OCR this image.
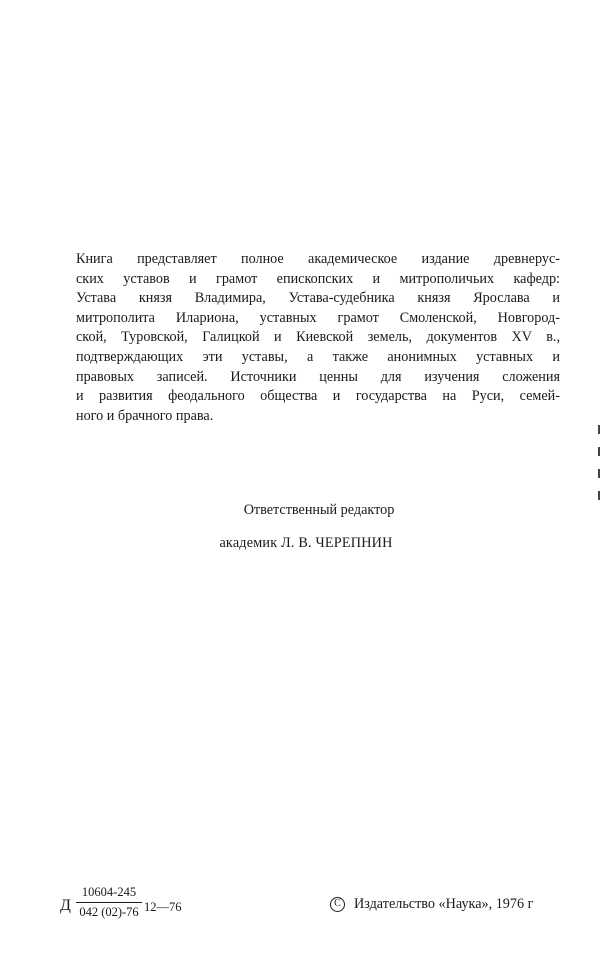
Книга представляет полное академическое издание древнерус-
ских уставов и грамот епископских и митрополичьих кафедр:
Устава князя Владимира, Устава-судебника князя Ярослава и
митрополита Илариона, уставных грамот Смоленской, Новгород-
ской, Туровской, Галицкой и Киевской земель, документов XV в.,
подтверждающих эти уставы, а также анонимных уставных и
правовых записей. Источники ценны для изучения сложения
и развития феодального общества и государства на Руси, семей-
ного и брачного права.
Ответственный редактор
академик Л. В. ЧЕРЕПНИН
Д
10604-245
042 (02)-76 12—76	C Издательство «Наука», 1976 г
